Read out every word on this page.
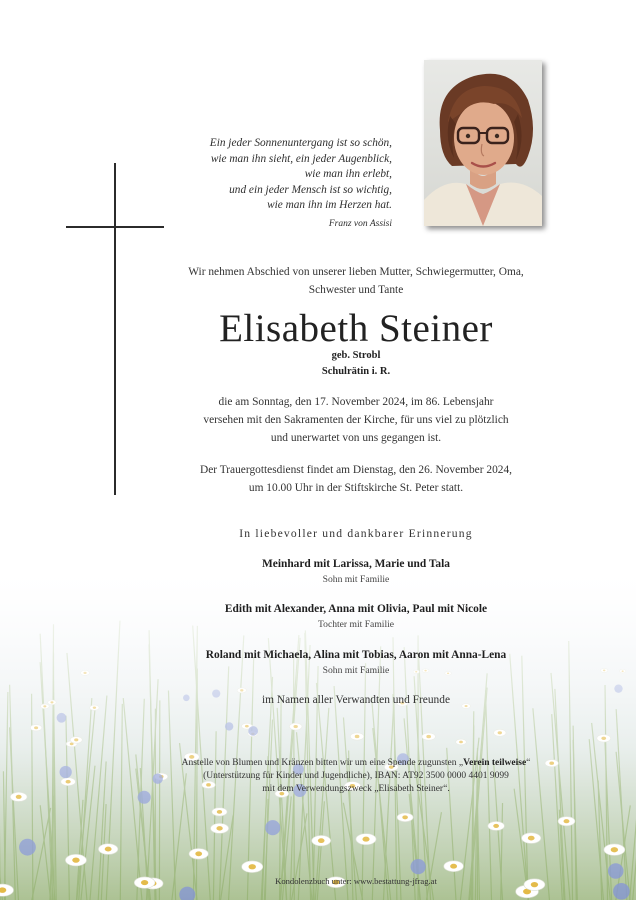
Ein jeder Sonnenuntergang ist so schön,
wie man ihn sieht, ein jeder Augenblick,
wie man ihn erlebt,
und ein jeder Mensch ist so wichtig,
wie man ihn im Herzen hat.
Franz von Assisi
Wir nehmen Abschied von unserer lieben Mutter, Schwiegermutter, Oma,
Schwester und Tante
Elisabeth Steiner
geb. Strobl
Schulrätin i. R.
die am Sonntag, den 17. November 2024, im 86. Lebensjahr
versehen mit den Sakramenten der Kirche, für uns viel zu plötzlich
und unerwartet von uns gegangen ist.
Der Trauergottesdienst findet am Dienstag, den 26. November 2024,
um 10.00 Uhr in der Stiftskirche St. Peter statt.
In liebevoller und dankbarer Erinnerung
Meinhard mit Larissa, Marie und Tala
Sohn mit Familie
Edith mit Alexander, Anna mit Olivia, Paul mit Nicole
Tochter mit Familie
Roland mit Michaela, Alina mit Tobias, Aaron mit Anna-Lena
Sohn mit Familie
im Namen aller Verwandten und Freunde
Anstelle von Blumen und Kränzen bitten wir um eine Spende zugunsten „Verein teilweise“
(Unterstützung für Kinder und Jugendliche), IBAN: AT92 3500 0000 4401 9099
mit dem Verwendungszweck „Elisabeth Steiner“.
Kondolenzbuch unter: www.bestattung-jfrag.at
